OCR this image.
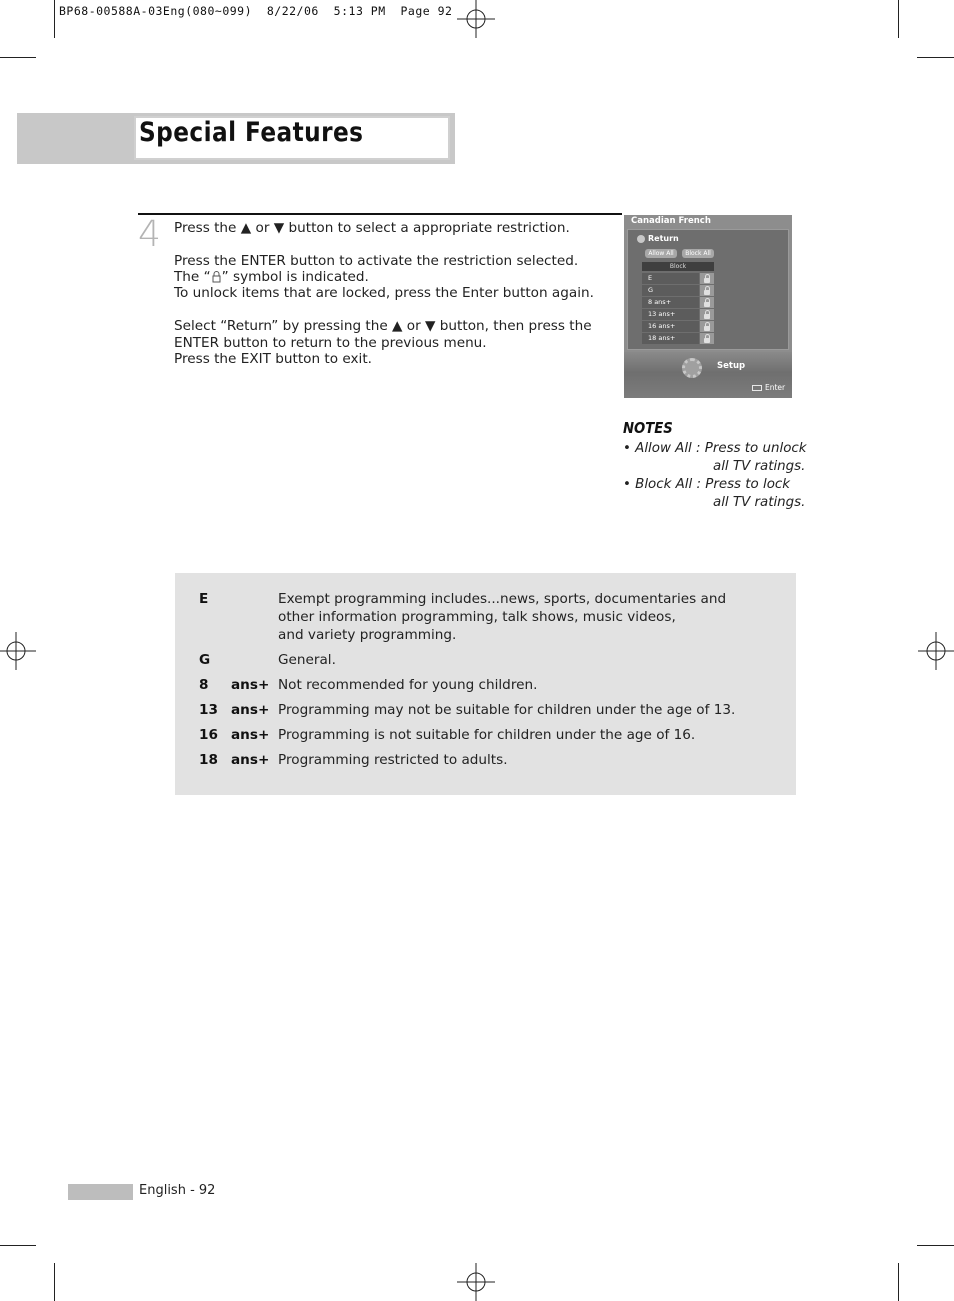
BP68-00588A-03Eng(080~099)  8/22/06  5:13 PM  Page 92
Special Features
4 Press the ▲ or ▼ button to select a appropriate restriction.
Press the ENTER button to activate the restriction selected.
The “ ” symbol is indicated.
To unlock items that are locked, press the Enter button again.
Select “Return” by pressing the ▲ or ▼ button, then press the
ENTER button to return to the previous menu.
Press the EXIT button to exit.
Canadian French
Return
Allow All	Block All
Block
E
G
8 ans+
13 ans+
16 ans+
18 ans+
Setup
Enter
NOTES
• Allow All : Press to unlock
all TV ratings.
• Block All : Press to lock
all TV ratings.
E	Exempt programming includes...news, sports, documentaries and
other information programming, talk shows, music videos,
and variety programming.
G	General.
8 ans+ Not recommended for young children.
13 ans+ Programming may not be suitable for children under the age of 13.
16 ans+ Programming is not suitable for children under the age of 16.
18 ans+ Programming restricted to adults.
English - 92
